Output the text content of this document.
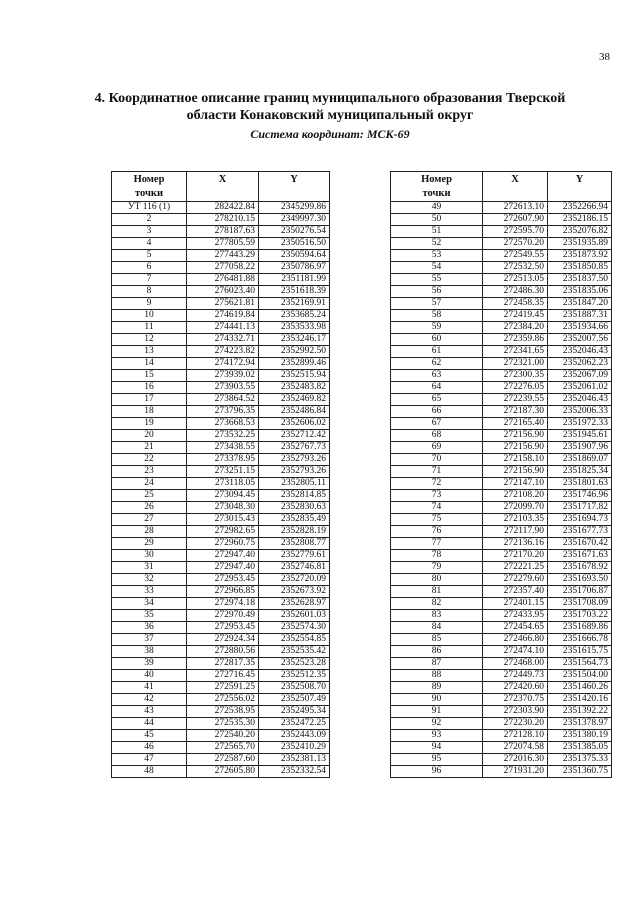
38
4. Координатное описание границ муниципального образования Тверской
области Конаковский муниципальный округ
Система координат: МСК-69
Номер
точки	X	Y
УТ 116 (1)	282422.84	2345299.86
2	278210.15	2349997.30
3	278187.63	2350276.54
4	277805.59	2350516.50
5	277443.29	2350594.64
6	277058.22	2350786.97
7	276481.88	2351181.99
8	276023.40	2351618.39
9	275621.81	2352169.91
10	274619.84	2353685.24
11	274441.13	2353533.98
12	274332.71	2353246.17
13	274223.82	2352992.50
14	274172.94	2352899.46
15	273939.02	2352515.94
16	273903.55	2352483.82
17	273864.52	2352469.82
18	273796.35	2352486.84
19	273668.53	2352606.02
20	273532.25	2352712.42
21	273438.55	2352767.73
22	273378.95	2352793.26
23	273251.15	2352793.26
24	273118.05	2352805.11
25	273094.45	2352814.85
26	273048.30	2352830.63
27	273015.43	2352835.49
28	272982.65	2352828.19
29	272960.75	2352808.77
30	272947.40	2352779.61
31	272947.40	2352746.81
32	272953.45	2352720.09
33	272966.85	2352673.92
34	272974.18	2352628.97
35	272970.49	2352601.03
36	272953.45	2352574.30
37	272924.34	2352554.85
38	272880.56	2352535.42
39	272817.35	2352523.28
40	272716.45	2352512.35
41	272591.25	2352508.70
42	272556.02	2352507.49
43	272538.95	2352495.34
44	272535.30	2352472.25
45	272540.20	2352443.09
46	272565.70	2352410.29
47	272587.60	2352381.13
48	272605.80	2352332.54
Номер
точки	X	Y
49	272613.10	2352266.94
50	272607.90	2352186.15
51	272595.70	2352076.82
52	272570.20	2351935.89
53	272549.55	2351873.92
54	272532.50	2351850.85
55	272513.05	2351837.50
56	272486.30	2351835.06
57	272458.35	2351847.20
58	272419.45	2351887.31
59	272384.20	2351934.66
60	272359.86	2352007.56
61	272341.65	2352046.43
62	272321.00	2352062.23
63	272300.35	2352067.09
64	272276.05	2352061.02
65	272239.55	2352046.43
66	272187.30	2352006.33
67	272165.40	2351972.33
68	272156.90	2351945.61
69	272156.90	2351907.96
70	272158.10	2351869.07
71	272156.90	2351825.34
72	272147.10	2351801.63
73	272108.20	2351746.96
74	272099.70	2351717.82
75	272103.35	2351694.73
76	272117.90	2351677.73
77	272136.16	2351670.42
78	272170.20	2351671.63
79	272221.25	2351678.92
80	272279.60	2351693.50
81	272357.40	2351706.87
82	272401.15	2351708.09
83	272433.95	2351703.22
84	272454.65	2351689.86
85	272466.80	2351666.78
86	272474.10	2351615.75
87	272468.00	2351564.73
88	272449.73	2351504.00
89	272420.60	2351460.26
90	272370.75	2351420.16
91	272303.90	2351392.22
92	272230.20	2351378.97
93	272128.10	2351380.19
94	272074.58	2351385.05
95	272016.30	2351375.33
96	271931.20	2351360.75
